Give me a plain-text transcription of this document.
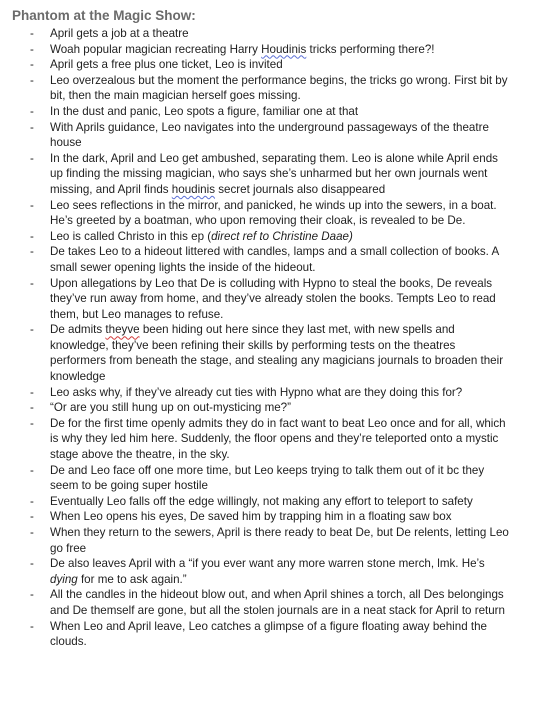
Phantom at the Magic Show:
- April gets a job at a theatre
- Woah popular magician recreating Harry Houdinis tricks performing there?!
- April gets a free plus one ticket, Leo is invited
- Leo overzealous but the moment the performance begins, the tricks go wrong. First bit by bit, then the main magician herself goes missing.
- In the dust and panic, Leo spots a figure, familiar one at that
- With Aprils guidance, Leo navigates into the underground passageways of the theatre house
- In the dark, April and Leo get ambushed, separating them. Leo is alone while April ends up finding the missing magician, who says she’s unharmed but her own journals went missing, and April finds houdinis secret journals also disappeared
- Leo sees reflections in the mirror, and panicked, he winds up into the sewers, in a boat. He’s greeted by a boatman, who upon removing their cloak, is revealed to be De.
- Leo is called Christo in this ep (direct ref to Christine Daae)
- De takes Leo to a hideout littered with candles, lamps and a small collection of books. A small sewer opening lights the inside of the hideout.
- Upon allegations by Leo that De is colluding with Hypno to steal the books, De reveals they’ve run away from home, and they’ve already stolen the books. Tempts Leo to read them, but Leo manages to refuse.
- De admits theyve been hiding out here since they last met, with new spells and knowledge, they’ve been refining their skills by performing tests on the theatres performers from beneath the stage, and stealing any magicians journals to broaden their knowledge
- Leo asks why, if they’ve already cut ties with Hypno what are they doing this for?
- “Or are you still hung up on out-mysticing me?”
- De for the first time openly admits they do in fact want to beat Leo once and for all, which is why they led him here. Suddenly, the floor opens and they’re teleported onto a mystic stage above the theatre, in the sky.
- De and Leo face off one more time, but Leo keeps trying to talk them out of it bc they seem to be going super hostile
- Eventually Leo falls off the edge willingly, not making any effort to teleport to safety
- When Leo opens his eyes, De saved him by trapping him in a floating saw box
- When they return to the sewers, April is there ready to beat De, but De relents, letting Leo go free
- De also leaves April with a “if you ever want any more warren stone merch, lmk. He’s dying for me to ask again.”
- All the candles in the hideout blow out, and when April shines a torch, all Des belongings and De themself are gone, but all the stolen journals are in a neat stack for April to return
- When Leo and April leave, Leo catches a glimpse of a figure floating away behind the clouds.
